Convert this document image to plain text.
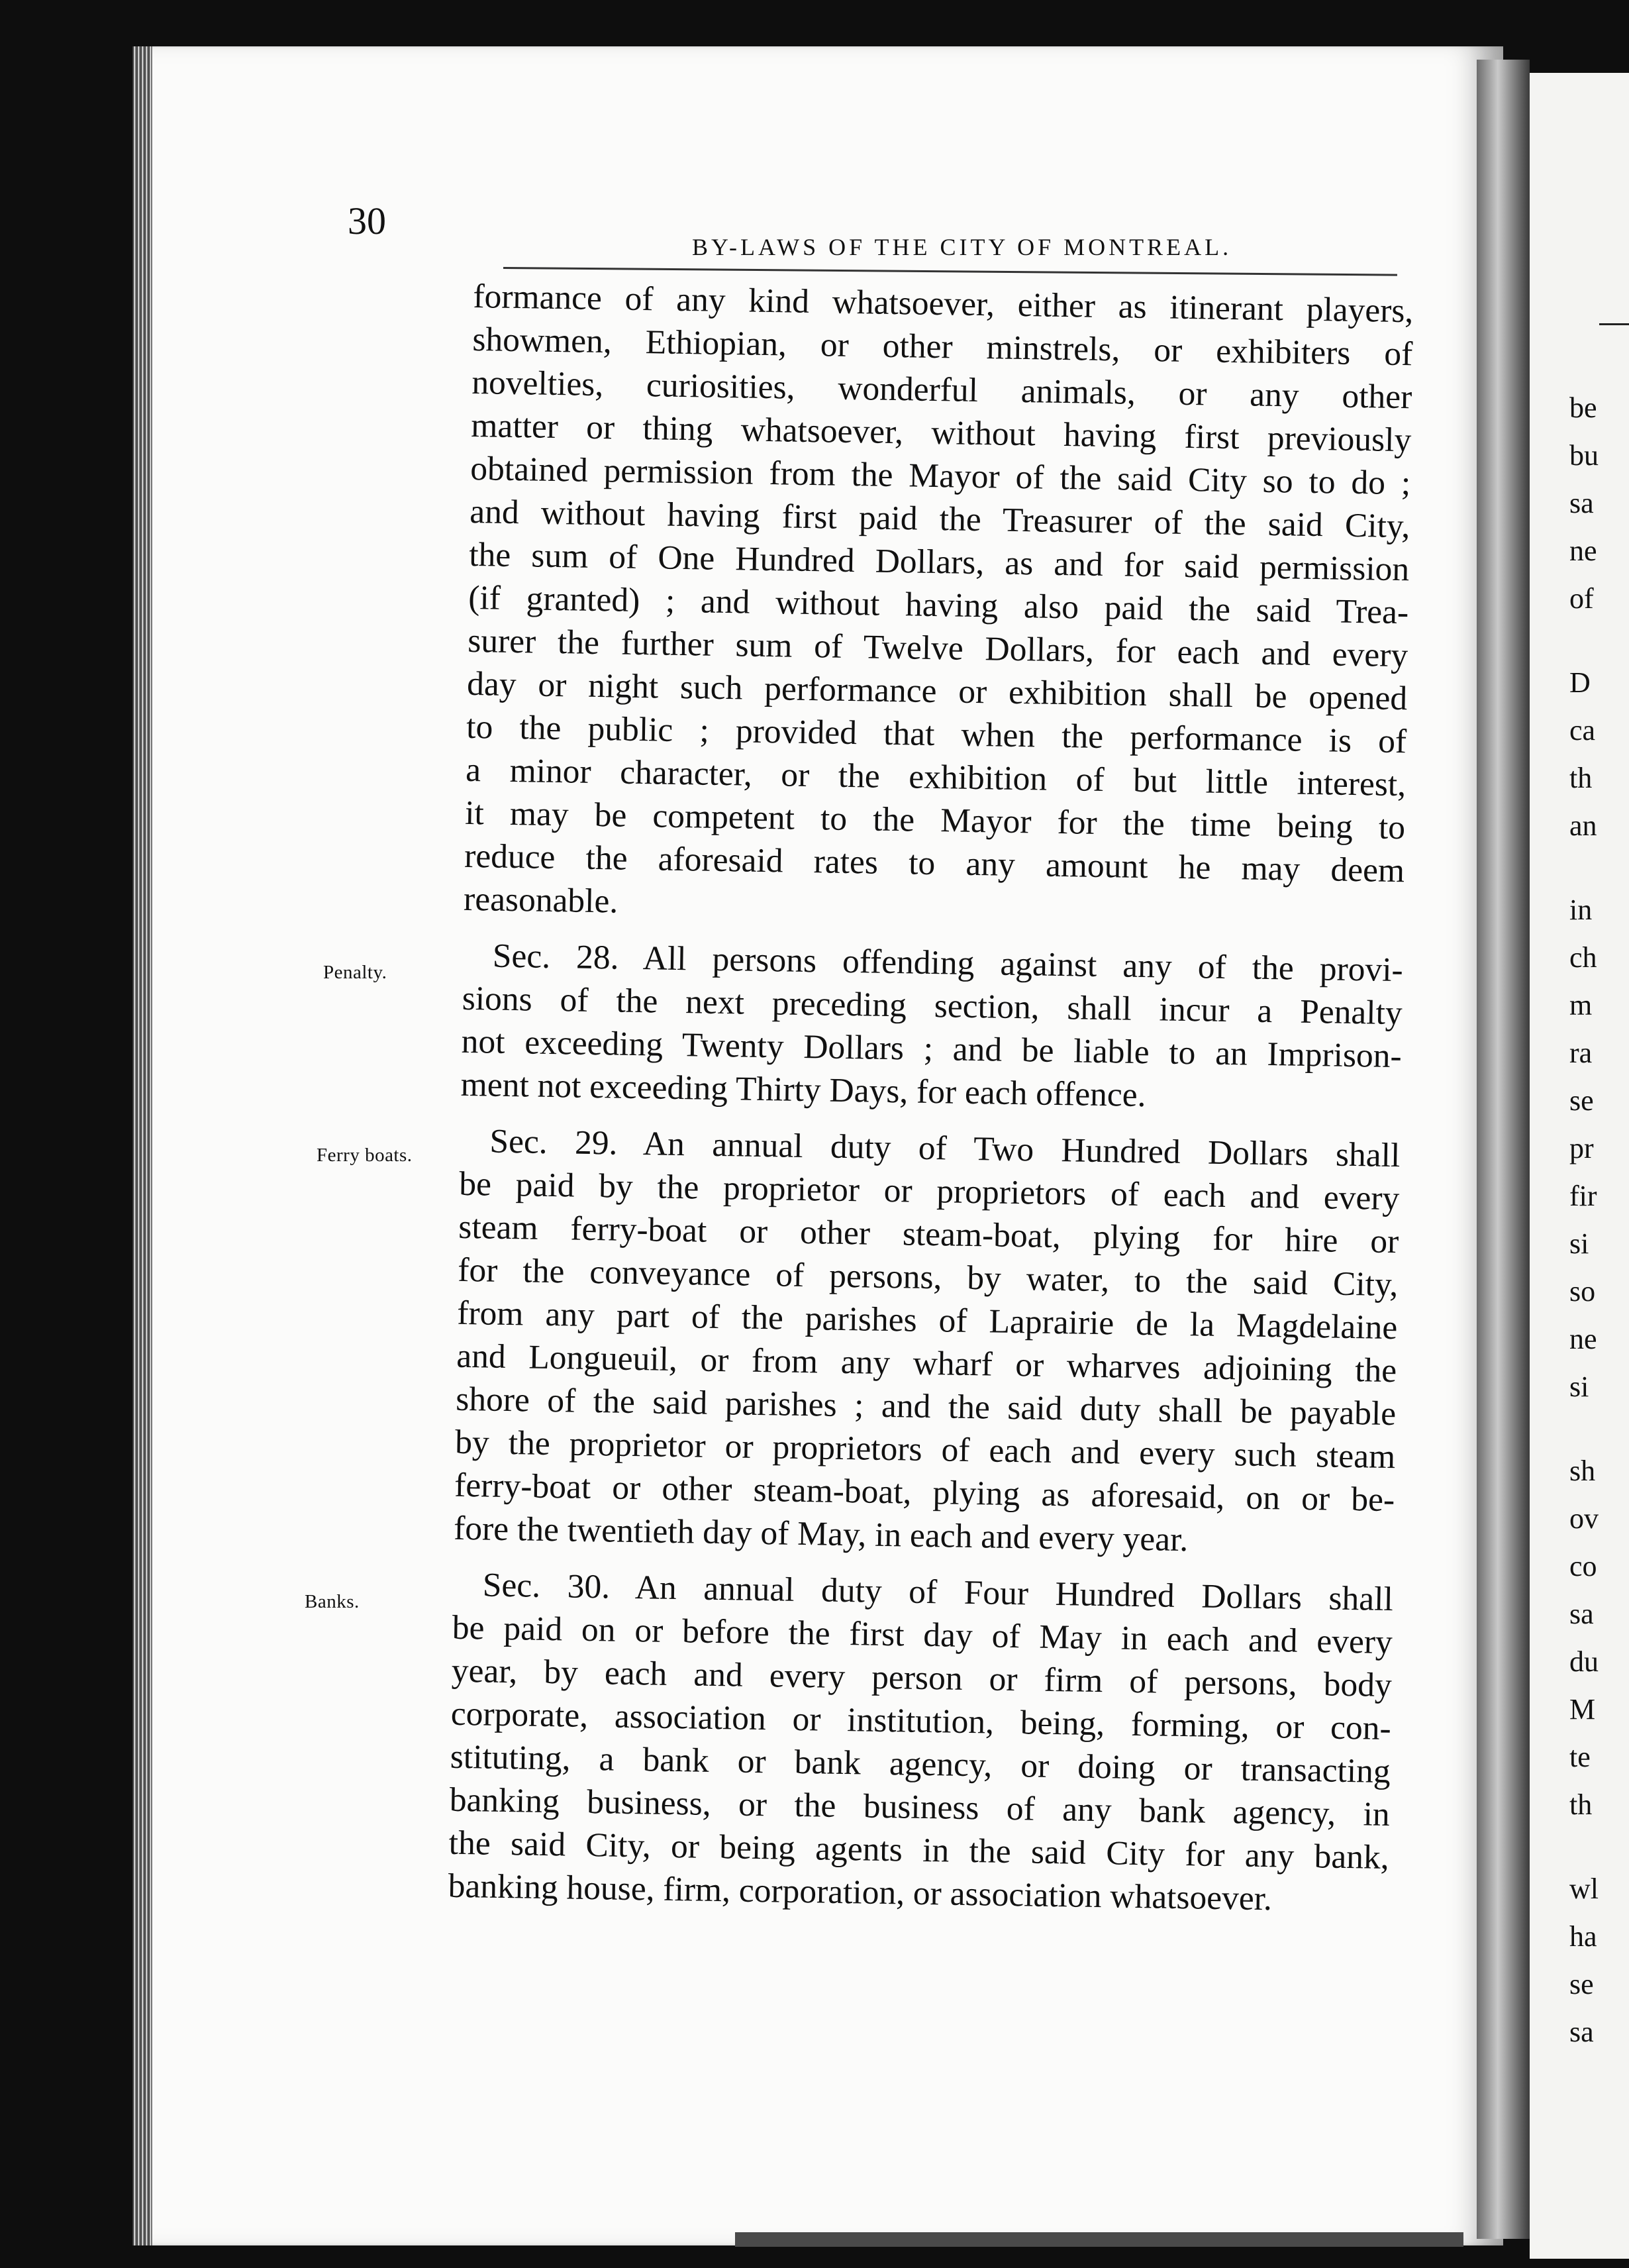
be
bu
sa
ne
of
D
ca
th
an
in
ch
m
ra
se
pr
fir
si
so
ne
si
sh
ov
co
sa
du
M
te
th
wl
ha
se
sa
30
BY-LAWS OF THE CITY OF MONTREAL.
Penalty.
Ferry boats.
Banks.

formance of any kind whatsoever, either as itinerant players,
showmen, Ethiopian, or other minstrels, or exhibiters of
novelties, curiosities, wonderful animals, or any other
matter or thing whatsoever, without having first previously
obtained permission from the Mayor of the said City so to do ;
and without having first paid the Treasurer of the said City,
the sum of One Hundred Dollars, as and for said permission
(if granted) ; and without having also paid the said Trea-
surer the further sum of Twelve Dollars, for each and every
day or night such performance or exhibition shall be opened
to the public ; provided that when the performance is of
a minor character, or the exhibition of but little interest,
it may be competent to the Mayor for the time being to
reduce the aforesaid rates to any amount he may deem
reasonable.

Sec. 28. All persons offending against any of the provi-
sions of the next preceding section, shall incur a Penalty
not exceeding Twenty Dollars ; and be liable to an Imprison-
ment not exceeding Thirty Days, for each offence.

Sec. 29. An annual duty of Two Hundred Dollars shall
be paid by the proprietor or proprietors of each and every
steam ferry-boat or other steam-boat, plying for hire or
for the conveyance of persons, by water, to the said City,
from any part of the parishes of Laprairie de la Magdelaine
and Longueuil, or from any wharf or wharves adjoining the
shore of the said parishes ; and the said duty shall be payable
by the proprietor or proprietors of each and every such steam
ferry-boat or other steam-boat, plying as aforesaid, on or be-
fore the twentieth day of May, in each and every year.

Sec. 30. An annual duty of Four Hundred Dollars shall
be paid on or before the first day of May in each and every
year, by each and every person or firm of persons, body
corporate, association or institution, being, forming, or con-
stituting, a bank or bank agency, or doing or transacting
banking business, or the business of any bank agency, in
the said City, or being agents in the said City for any bank,
banking house, firm, corporation, or association whatsoever.
